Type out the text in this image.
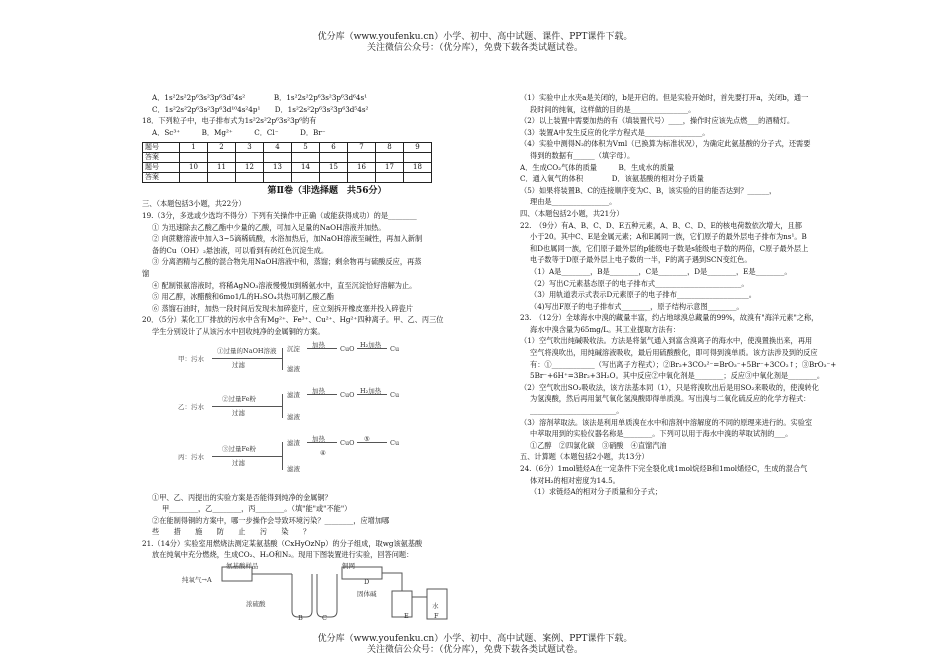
优分库（www.youfenku.cn）小学、初中、高中试题、课件、PPT课件下载。
关注微信公众号：（优分库），免费下载各类试题试卷。
A．1s²2s²2p⁶3s²3p⁶3d⁷4s²　　　　B．1s²2s²2p⁶3s²3p⁶3d⁶4s¹
C．1s²2s²2p⁶3s²3p⁶3d¹⁰4s²4p¹　　D．1s²2s²2p⁶3s²3p⁶3d⁵4s²
18．下列粒子中，电子排布式为1s²2s²2p⁶3s²3p⁶的有
A．Sc³⁺　　　B．Mg²⁺　　　C．Cl⁻　　　D．Br⁻
题号	1	2	3	4	5	6	7	8	9
答案									
题号	10	11	12	13	14	15	16	17	18
答案									
第Ⅱ卷（非选择题　共56分）
三、（本题包括3小题，共22分）
19.（3分，多选或少选均不得分）下列有关操作中正确（或能获得成功）的是________
① 为迅速除去乙酸乙酯中少量的乙酸，可加入足量的NaOH溶液并加热。
② 向蔗糖溶液中加入3~5滴稀硫酸，水浴加热后，加NaOH溶液至碱性，再加入新制
备的Cu（OH）₂悬浊液，可以看到有砖红色沉淀生成。
③ 分离酒精与乙酸的混合物先用NaOH溶液中和，蒸馏；剩余物再与硫酸反应，再蒸
馏
④ 配制银氨溶液时，将稀AgNO₃溶液慢慢加到稀氨水中，直至沉淀恰好溶解为止。
⑤ 用乙醇，冰醋酸和6mo1/L的H₂SO₄共热可制乙酸乙酯
⑥ 蒸馏石油时，加热一段时间后发现未加碎瓷片，应立刻拆开橡皮塞并投入碎瓷片
20．（5分）某化工厂排放的污水中含有Mg²⁺、Fe³⁺、Cu²⁺、Hg²⁺四种离子。甲、乙、丙三位
学生分别设计了从该污水中回收纯净的金属铜的方案。
甲：污水
①过量的NaOH溶液
过滤
沉淀
滤液
加热 CuO H₂加热 Cu
乙：污水
②过量Fe粉
过滤
滤渣
滤液
加热 CuO H₂加热 Cu
丙：污水
③过量Fe粉
过滤
滤渣
滤液
加热 CuO ⑤	Cu
④
①甲、乙、丙提出的实验方案是否能得到纯净的金属铜？
甲________，乙________，丙________。（填"能"或"不能"）
②在能制得铜的方案中，哪一步操作会导致环境污染？________，应增加哪
些　　措　　施　　防　　止　　污　　染　　？
21.（14分）实验室用燃烧法测定某氨基酸（CxHyOzNp）的分子组成，取wg该氨基酸
放在纯氧中充分燃烧，生成CO₂、H₂O和N₂。现用下图装置进行实验，回答问题：
氨基酸样品
纯氧气→A
铜网
浓硫酸
固体碱
B	C
D
E	F
水
（1）实验中止水夹a是关闭的，b是开启的。但是实验开始时，首先要打开a，关闭b，通一
段时间的纯氧，这样做的目的是________________。
（2）以上装置中需要加热的有（填装置代号）____，操作时应该先点燃___的酒精灯。
（3）装置A中发生反应的化学方程式是________________。
（4）实验中测得N₂的体积为Vml（已换算为标准状况），为确定此氨基酸的分子式，还需要
得到的数据有______（填字母）。
A．生成CO₂气体的质量　　　B．生成水的质量
C．通入氧气的体积　　　　D．该氨基酸的相对分子质量
（5）如果将装置B、C的连接顺序变为C、B，该实验的目的能否达到？______，
理由是________________。
四、（本题包括2小题，共21分）
22.　（9分）有A、B、C、D、E五种元素，A、B、C、D、E的核电荷数依次增大，且都
小于20。其中C、E是金属元素；A和E属同一族，它们原子的最外层电子排布为ns¹。B
和D也属同一族，它们原子最外层的p能级电子数是s能级电子数的两倍，C原子最外层上
电子数等于D原子最外层上电子数的一半，F的离子遇到SCN变红色。
（1）A是________，B是________，C是________，D是________，E是________。
（2）写出C元素基态原子的电子排布式________________________。
（3）用轨道表示式表示D元素原子的电子排布____________________。
（4)写出F原子的电子排布式________，原子结构示意图________。
23.　（12分）全球海水中溴的藏量丰富，约占地球溴总藏量的99%，故溴有"海洋元素"之称，
海水中溴含量为65mg/L。其工业提取方法有：
（1）空气吹出纯碱吸收法。方法是将氯气通入到富含溴离子的海水中，使溴置换出来，再用
空气将溴吹出，用纯碱溶液吸收，最后用硫酸酸化，即可得到溴单质。该方法涉及到的反应
有：①____________（写出离子方程式）；②Br₂+3CO₃²⁻=BrO₃⁻+5Br⁻+3CO₂↑；③BrO₃⁻+
5Br⁻+6H⁺=3Br₂+3H₂O。其中反应②中氧化剂是________；反应③中氧化剂是________。
（2）空气吹出SO₂吸收法，该方法基本同（1），只是将溴吹出后是用SO₂来吸收的，使溴转化
为氢溴酸，然后再用氯气氧化氢溴酸即得单质溴。写出溴与二氧化硫反应的化学方程式：
________________________。
（3）溶剂萃取法。该法是利用单质溴在水中和溶剂中溶解度的不同的原理来进行的。实验室
中萃取用到的实验仪器名称是________。下列可以用于海水中溴的萃取试剂的___。
①乙醇　②四氯化碳　③硝酸　④直馏汽油
五、计算题（本题包括2小题，共13分）
24.（6分）1mol链烃A在一定条件下完全裂化成1mol烷烃B和1mol烯烃C，生成的混合气
体对H₂的相对密度为14.5。
（1）求链烃A的相对分子质量和分子式；
优分库（www.youfenku.cn）小学、初中、高中试题、案例、PPT课件下载。
关注微信公众号：（优分库），免费下载各类试题试卷。
